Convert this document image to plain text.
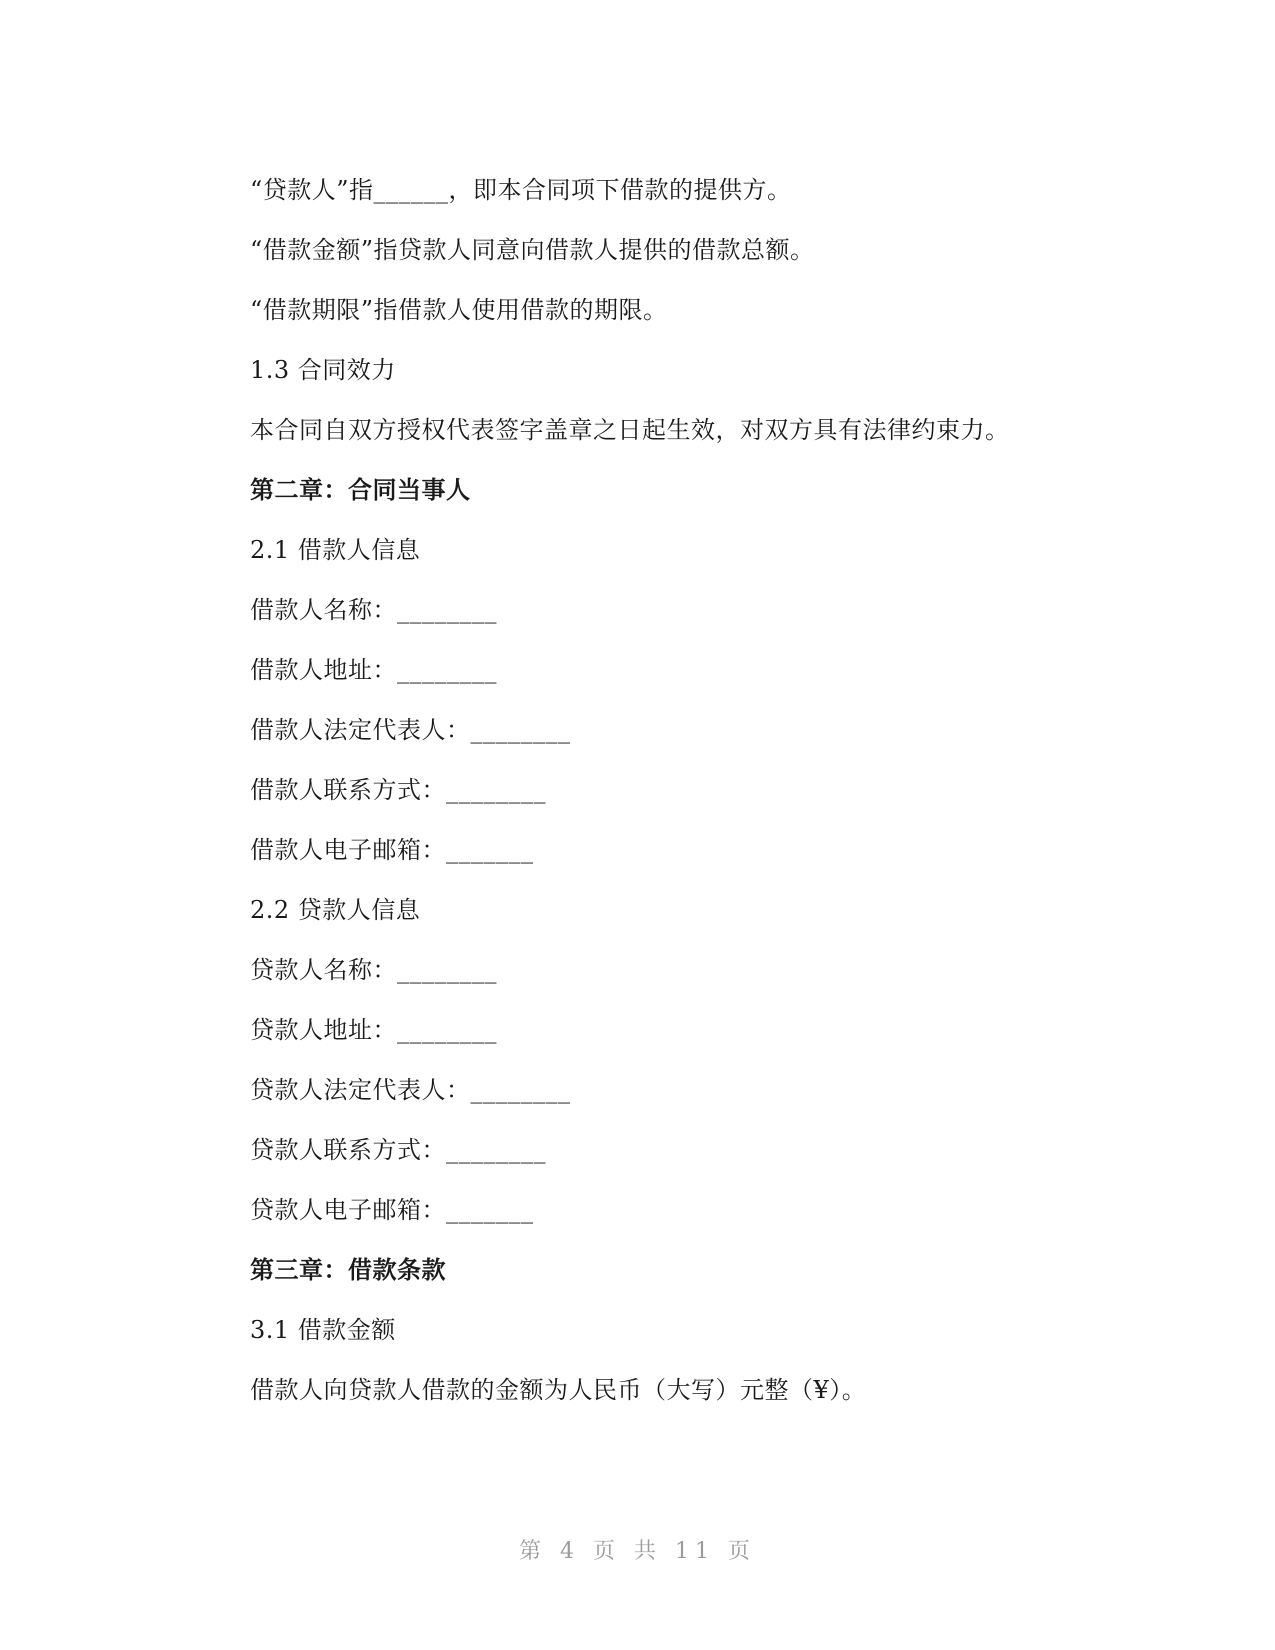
“贷款人”指______，即本合同项下借款的提供方。
“借款金额”指贷款人同意向借款人提供的借款总额。
“借款期限”指借款人使用借款的期限。
1.3 合同效力
本合同自双方授权代表签字盖章之日起生效，对双方具有法律约束力。
第二章：合同当事人
2.1 借款人信息
借款人名称：________
借款人地址：________
借款人法定代表人：________
借款人联系方式：________
借款人电子邮箱：_______
2.2 贷款人信息
贷款人名称：________
贷款人地址：________
贷款人法定代表人：________
贷款人联系方式：________
贷款人电子邮箱：_______
第三章：借款条款
3.1 借款金额
借款人向贷款人借款的金额为人民币（大写）元整（¥）。
第 4 页 共 11 页
